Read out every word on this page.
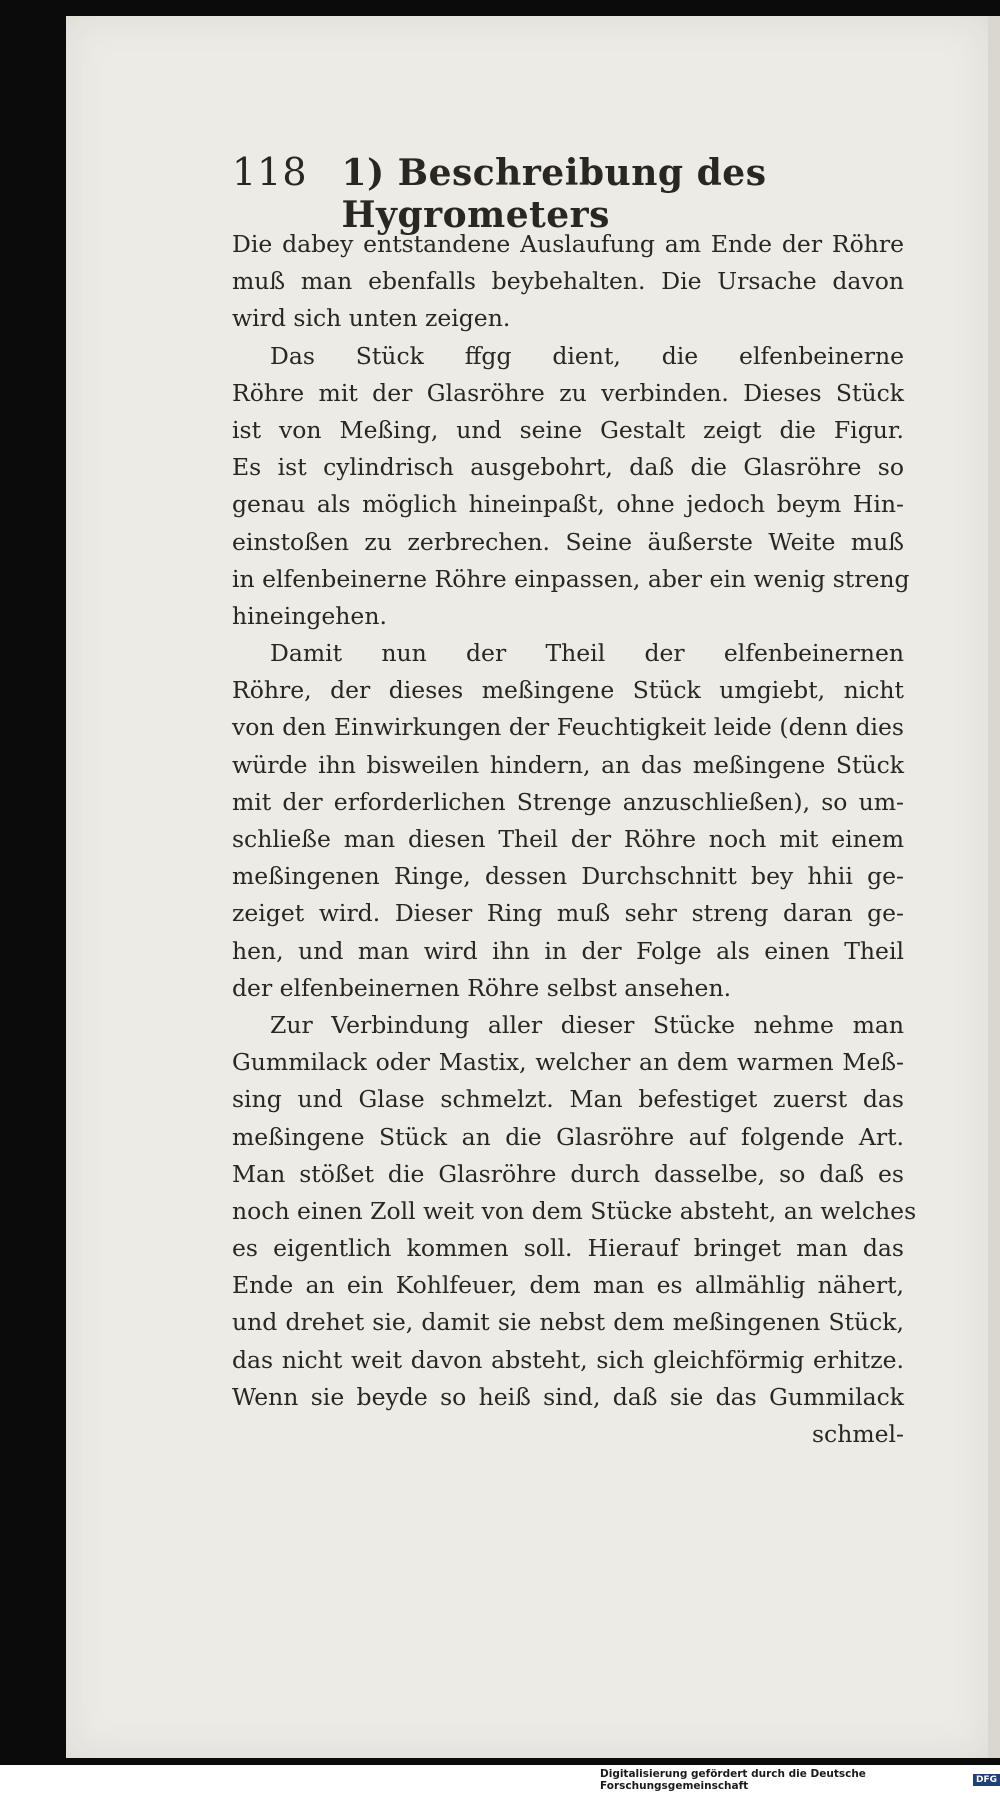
118 1) Beschreibung des Hygrometers
Die dabey entstandene Auslaufung am Ende der Röhre
muß man ebenfalls beybehalten. Die Ursache davon
wird sich unten zeigen.
Das Stück ffgg dient, die elfenbeinerne
Röhre mit der Glasröhre zu verbinden. Dieses Stück
ist von Meßing, und seine Gestalt zeigt die Figur.
Es ist cylindrisch ausgebohrt, daß die Glasröhre so
genau als möglich hineinpaßt, ohne jedoch beym Hin-
einstoßen zu zerbrechen. Seine äußerste Weite muß
in elfenbeinerne Röhre einpassen, aber ein wenig streng
hineingehen.
Damit nun der Theil der elfenbeinernen
Röhre, der dieses meßingene Stück umgiebt, nicht
von den Einwirkungen der Feuchtigkeit leide (denn dies
würde ihn bisweilen hindern, an das meßingene Stück
mit der erforderlichen Strenge anzuschließen), so um-
schließe man diesen Theil der Röhre noch mit einem
meßingenen Ringe, dessen Durchschnitt bey hhii ge-
zeiget wird. Dieser Ring muß sehr streng daran ge-
hen, und man wird ihn in der Folge als einen Theil
der elfenbeinernen Röhre selbst ansehen.
Zur Verbindung aller dieser Stücke nehme man
Gummilack oder Mastix, welcher an dem warmen Meß-
sing und Glase schmelzt. Man befestiget zuerst das
meßingene Stück an die Glasröhre auf folgende Art.
Man stößet die Glasröhre durch dasselbe, so daß es
noch einen Zoll weit von dem Stücke absteht, an welches
es eigentlich kommen soll. Hierauf bringet man das
Ende an ein Kohlfeuer, dem man es allmählig nähert,
und drehet sie, damit sie nebst dem meßingenen Stück,
das nicht weit davon absteht, sich gleichförmig erhitze.
Wenn sie beyde so heiß sind, daß sie das Gummilack
schmel-
Digitalisierung gefördert durch die Deutsche Forschungsgemeinschaft	DFG
